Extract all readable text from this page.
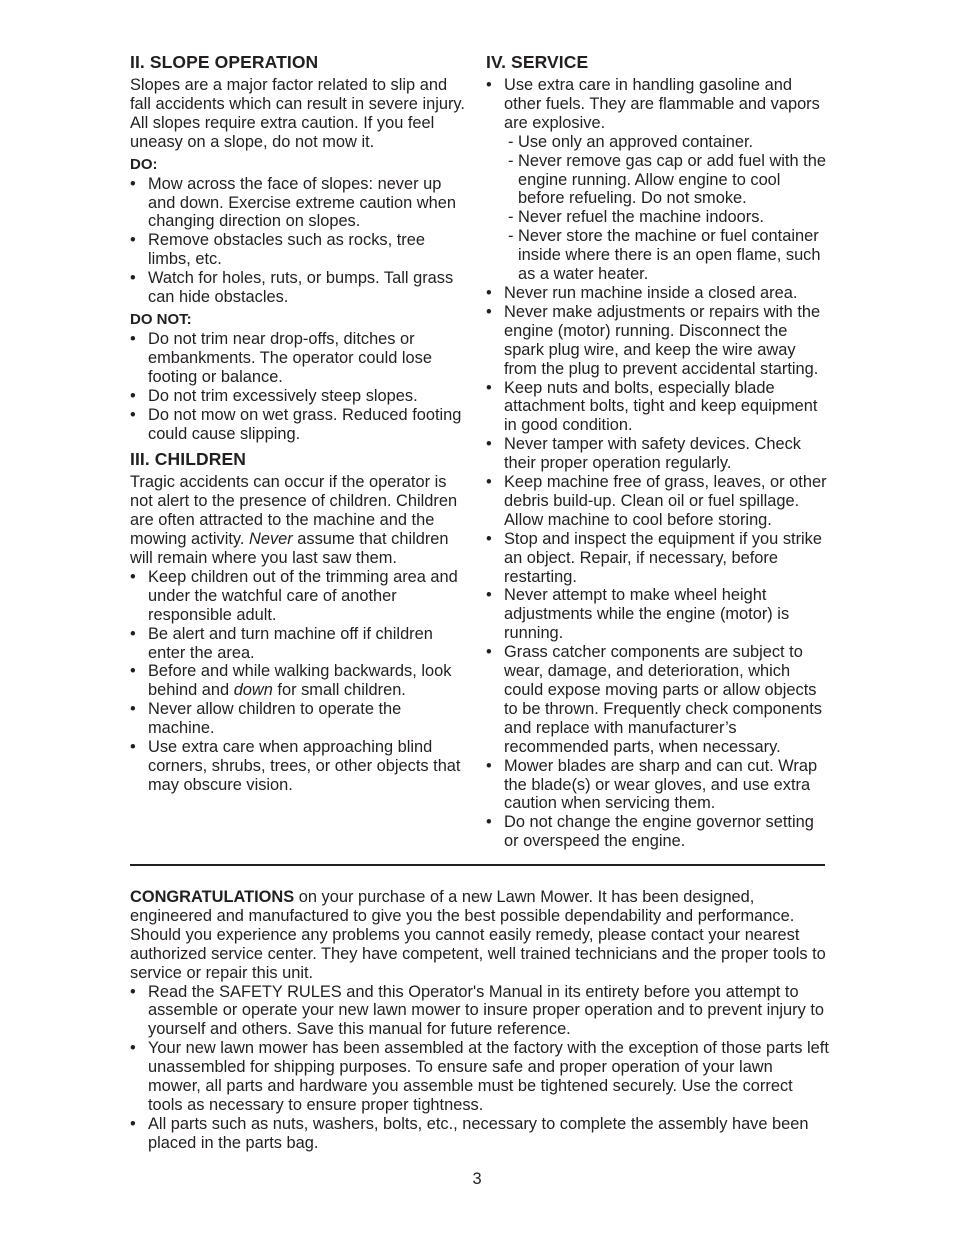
II. SLOPE OPERATION

Slopes are a major factor related to slip and fall accidents which can result in severe injury. All slopes require extra caution. If you feel uneasy on a slope, do not mow it.

DO:
• Mow across the face of slopes: never up and down. Exercise extreme caution when changing direction on slopes.
• Remove obstacles such as rocks, tree limbs, etc.
• Watch for holes, ruts, or bumps. Tall grass can hide obstacles.
DO NOT:
• Do not trim near drop-offs, ditches or embankments. The operator could lose footing or balance.
• Do not trim excessively steep slopes.
• Do not mow on wet grass. Reduced footing could cause slipping.
III. CHILDREN

Tragic accidents can occur if the operator is not alert to the presence of children. Children are often attracted to the machine and the mowing activity. Never assume that children will remain where you last saw them.

• Keep children out of the trimming area and under the watchful care of another responsible adult.
• Be alert and turn machine off if children enter the area.
• Before and while walking backwards, look behind and down for small children.
• Never allow children to operate the machine.
• Use extra care when approaching blind corners, shrubs, trees, or other objects that may obscure vision.
IV. SERVICE
• Use extra care in handling gasoline and other fuels. They are flammable and vapors are explosive.
- Use only an approved container.
- Never remove gas cap or add fuel with the engine running. Allow engine to cool before refueling. Do not smoke.
- Never refuel the machine indoors.
- Never store the machine or fuel container inside where there is an open flame, such as a water heater.
• Never run machine inside a closed area.
• Never make adjustments or repairs with the engine (motor) running. Disconnect the spark plug wire, and keep the wire away from the plug to prevent accidental starting.
• Keep nuts and bolts, especially blade attachment bolts, tight and keep equipment in good condition.
• Never tamper with safety devices. Check their proper operation regularly.
• Keep machine free of grass, leaves, or other debris build-up. Clean oil or fuel spillage. Allow machine to cool before storing.
• Stop and inspect the equipment if you strike an object. Repair, if necessary, before restarting.
• Never attempt to make wheel height adjustments while the engine (motor) is running.
• Grass catcher components are subject to wear, damage, and deterioration, which could expose moving parts or allow objects to be thrown. Frequently check components and replace with manufacturer’s recommended parts, when necessary.
• Mower blades are sharp and can cut. Wrap the blade(s) or wear gloves, and use extra caution when servicing them.
• Do not change the engine governor setting or overspeed the engine.

CONGRATULATIONS on your purchase of a new Lawn Mower. It has been designed, engineered and manufactured to give you the best possible dependability and performance.

Should you experience any problems you cannot easily remedy, please contact your nearest authorized service center. They have competent, well trained technicians and the proper tools to service or repair this unit.

• Read the SAFETY RULES and this Operator's Manual in its entirety before you attempt to assemble or operate your new lawn mower to insure proper operation and to prevent injury to yourself and others. Save this manual for future reference.
• Your new lawn mower has been assembled at the factory with the exception of those parts left unassembled for shipping purposes. To ensure safe and proper operation of your lawn mower, all parts and hardware you assemble must be tightened securely. Use the correct tools as necessary to ensure proper tightness.
• All parts such as nuts, washers, bolts, etc., necessary to complete the assembly have been placed in the parts bag.
3
